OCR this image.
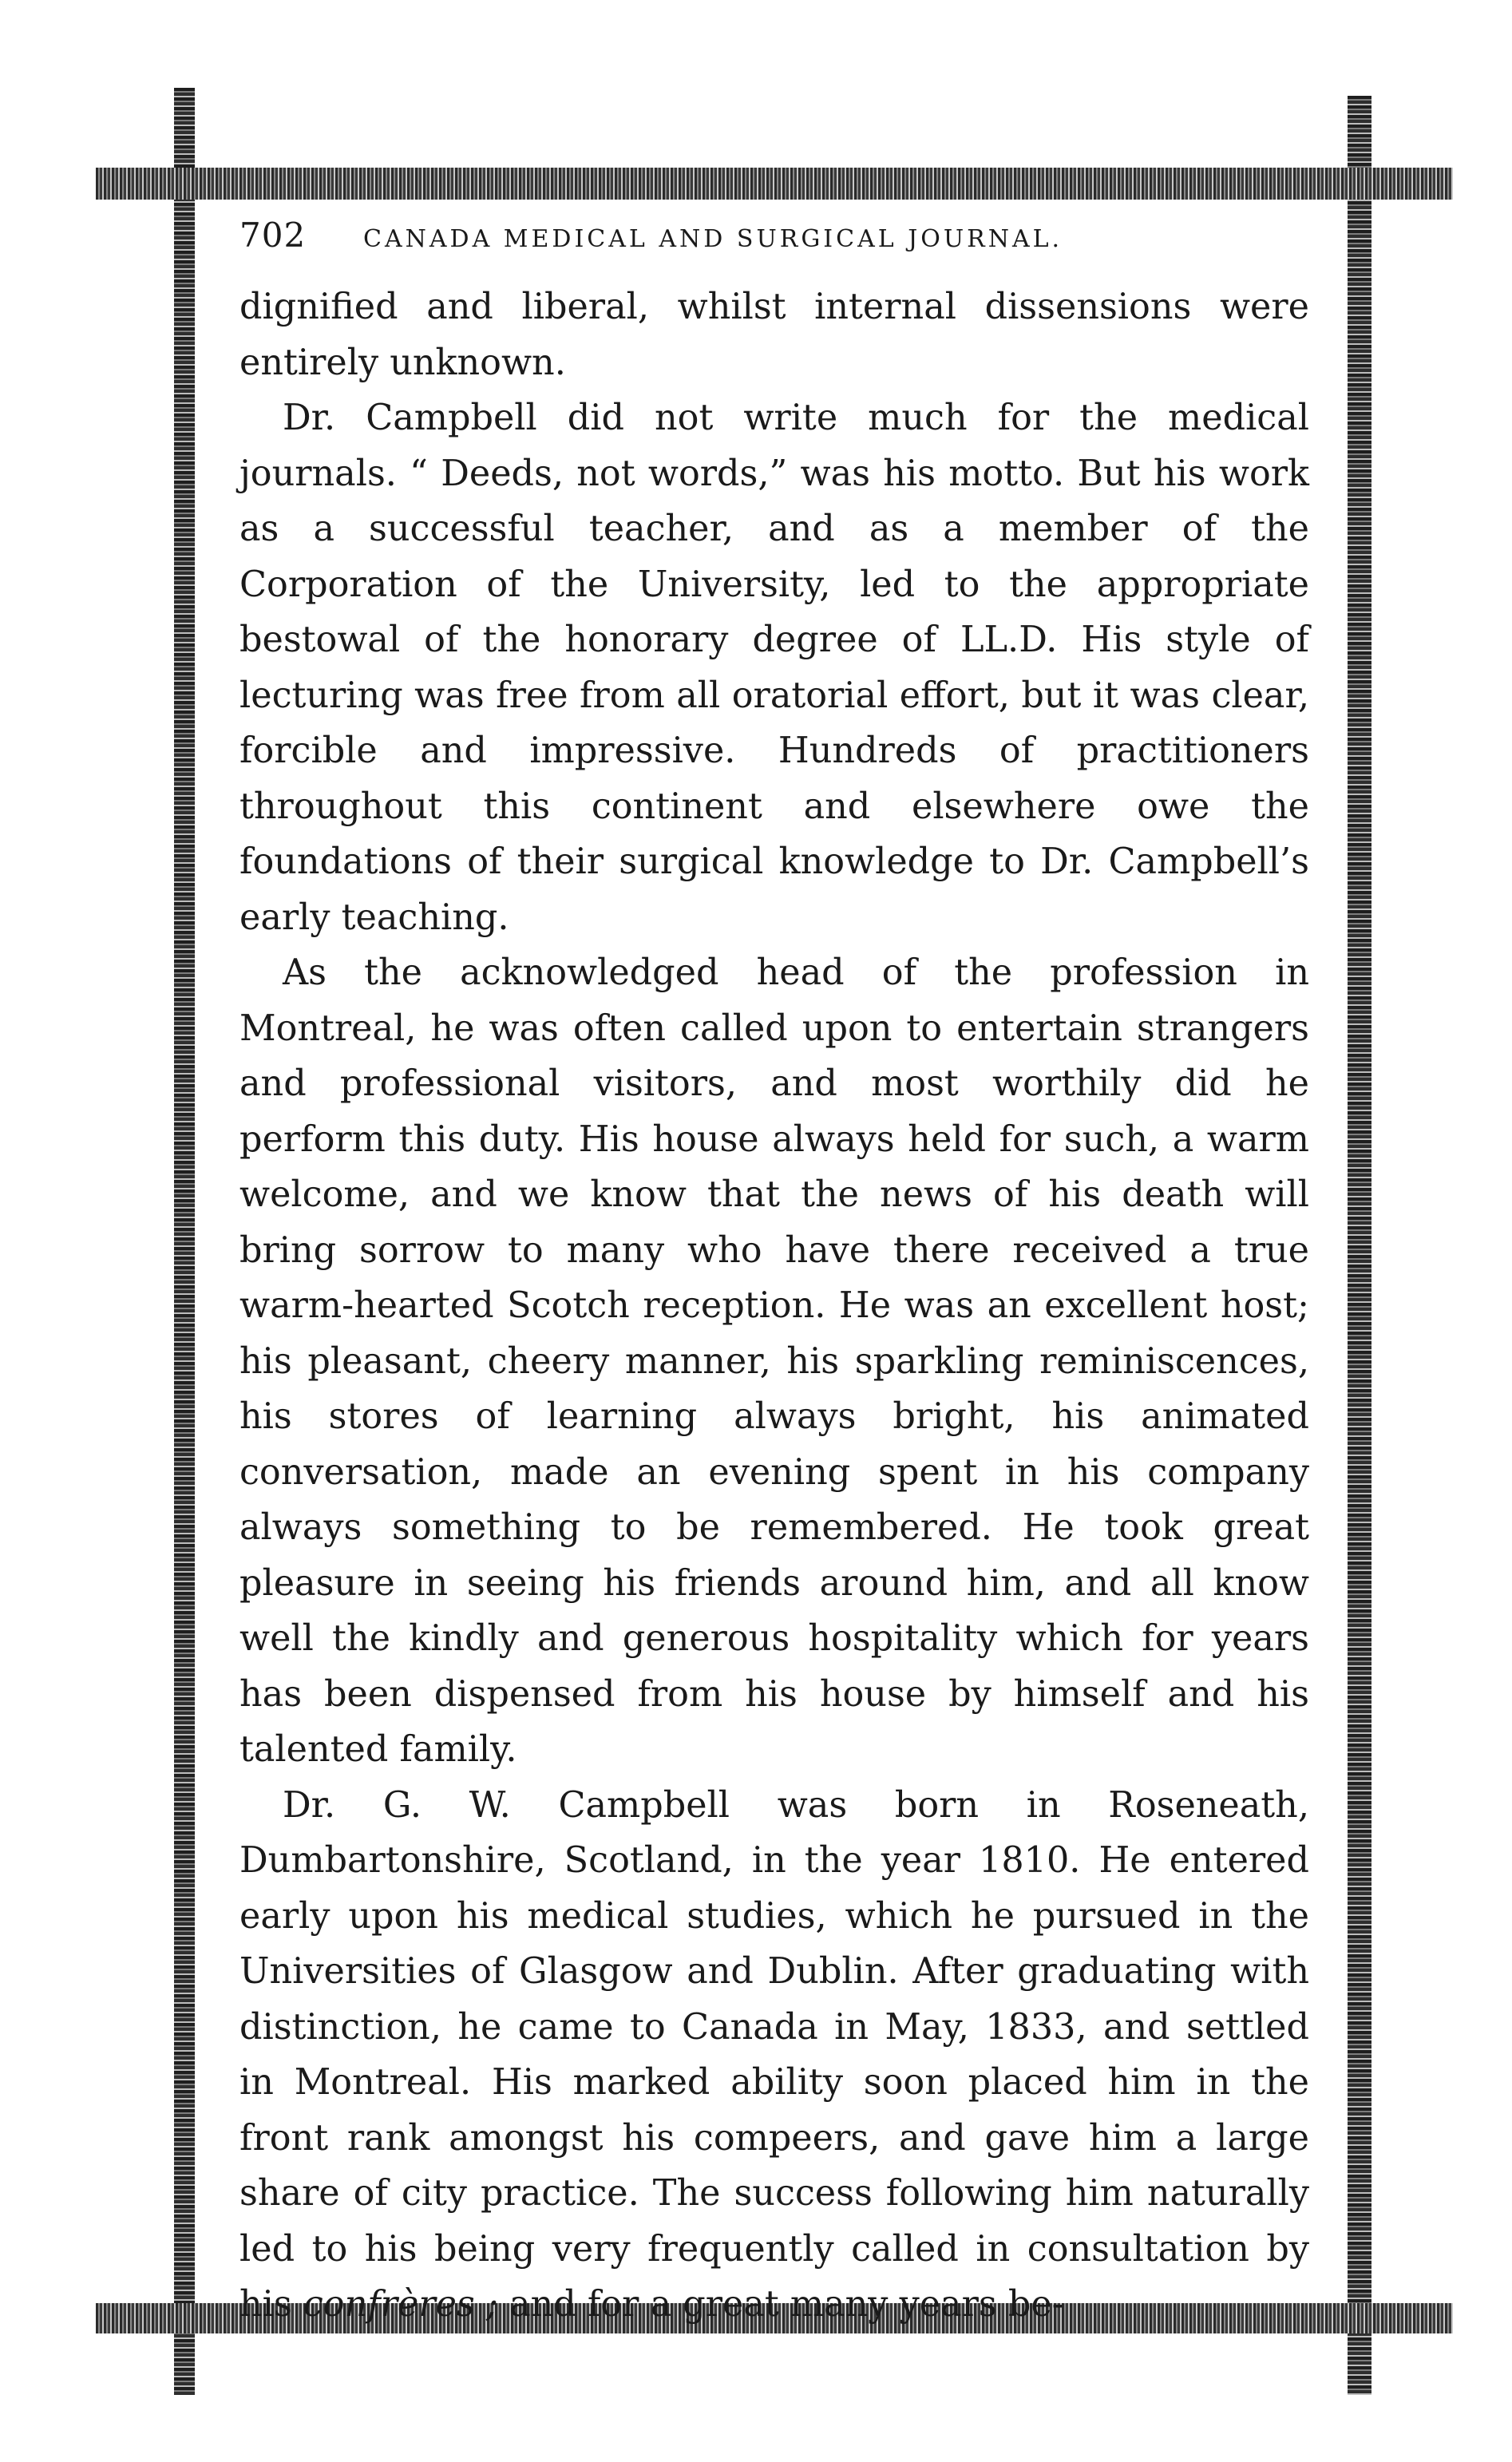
702	CANADA MEDICAL AND SURGICAL JOURNAL.

dignified and liberal, whilst internal dissensions were entirely unknown.

Dr. Campbell did not write much for the medical journals. “ Deeds, not words,” was his motto. But his work as a successful teacher, and as a member of the Corporation of the University, led to the appropriate bestowal of the honorary degree of LL.D. His style of lecturing was free from all oratorial effort, but it was clear, forcible and impressive. Hundreds of practitioners throughout this continent and elsewhere owe the foundations of their surgical knowledge to Dr. Campbell’s early teaching.

As the acknowledged head of the profession in Montreal, he was often called upon to entertain strangers and professional visitors, and most worthily did he perform this duty. His house always held for such, a warm welcome, and we know that the news of his death will bring sorrow to many who have there received a true warm-hearted Scotch reception. He was an excellent host; his pleasant, cheery manner, his sparkling reminiscences, his stores of learning always bright, his animated conversation, made an evening spent in his company always something to be remembered. He took great pleasure in seeing his friends around him, and all know well the kindly and generous hospitality which for years has been dispensed from his house by himself and his talented family.

Dr. G. W. Campbell was born in Roseneath, Dumbartonshire, Scotland, in the year 1810. He entered early upon his medical studies, which he pursued in the Universities of Glasgow and Dublin. After graduating with distinction, he came to Canada in May, 1833, and settled in Montreal. His marked ability soon placed him in the front rank amongst his compeers, and gave him a large share of city practice. The success following him naturally led to his being very frequently called in consultation by his confrères ; and for a great many years be-
